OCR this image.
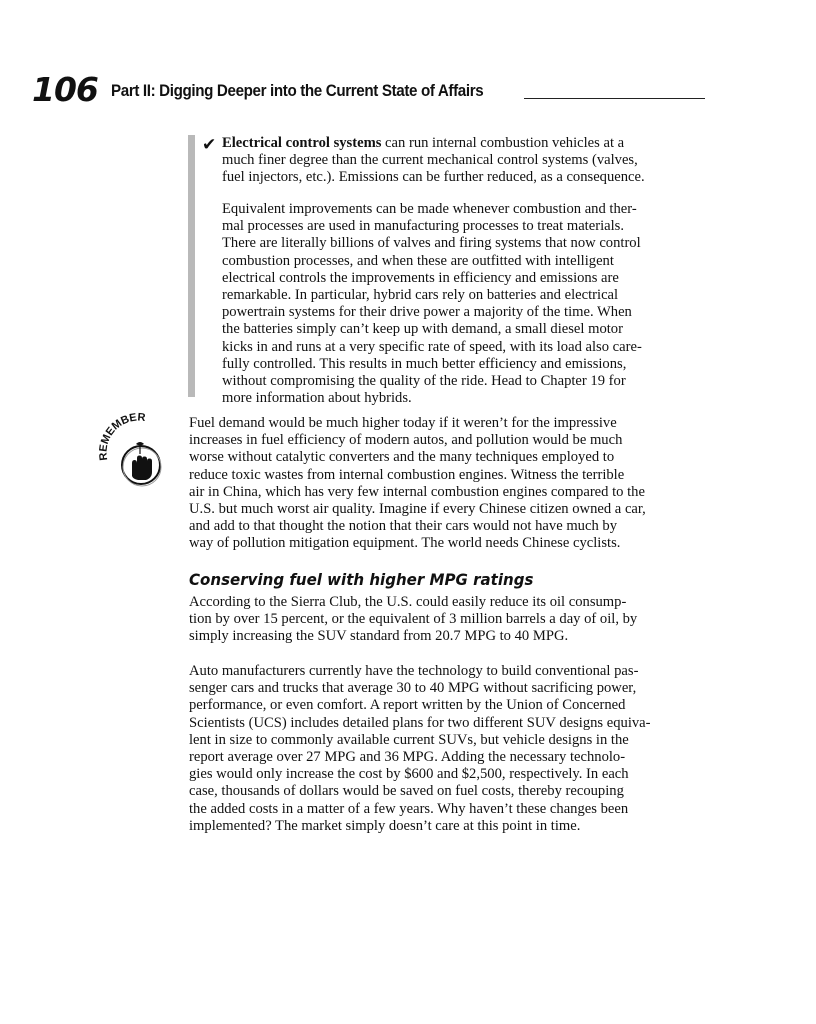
106 Part II: Digging Deeper into the Current State of Affairs
✔ Electrical control systems can run internal combustion vehicles at a
much finer degree than the current mechanical control systems (valves,
fuel injectors, etc.). Emissions can be further reduced, as a consequence.
Equivalent improvements can be made whenever combustion and ther-
mal processes are used in manufacturing processes to treat materials.
There are literally billions of valves and firing systems that now control
combustion processes, and when these are outfitted with intelligent
electrical controls the improvements in efficiency and emissions are
remarkable. In particular, hybrid cars rely on batteries and electrical
powertrain systems for their drive power a majority of the time. When
the batteries simply can’t keep up with demand, a small diesel motor
kicks in and runs at a very specific rate of speed, with its load also care-
fully controlled. This results in much better efficiency and emissions,
without compromising the quality of the ride. Head to Chapter 19 for
more information about hybrids.
REMEMBER	Fuel demand would be much higher today if it weren’t for the impressive
increases in fuel efficiency of modern autos, and pollution would be much
worse without catalytic converters and the many techniques employed to
reduce toxic wastes from internal combustion engines. Witness the terrible
air in China, which has very few internal combustion engines compared to the
U.S. but much worst air quality. Imagine if every Chinese citizen owned a car,
and add to that thought the notion that their cars would not have much by
way of pollution mitigation equipment. The world needs Chinese cyclists.
Conserving fuel with higher MPG ratings
According to the Sierra Club, the U.S. could easily reduce its oil consump-
tion by over 15 percent, or the equivalent of 3 million barrels a day of oil, by
simply increasing the SUV standard from 20.7 MPG to 40 MPG.
Auto manufacturers currently have the technology to build conventional pas-
senger cars and trucks that average 30 to 40 MPG without sacrificing power,
performance, or even comfort. A report written by the Union of Concerned
Scientists (UCS) includes detailed plans for two different SUV designs equiva-
lent in size to commonly available current SUVs, but vehicle designs in the
report average over 27 MPG and 36 MPG. Adding the necessary technolo-
gies would only increase the cost by $600 and $2,500, respectively. In each
case, thousands of dollars would be saved on fuel costs, thereby recouping
the added costs in a matter of a few years. Why haven’t these changes been
implemented? The market simply doesn’t care at this point in time.
